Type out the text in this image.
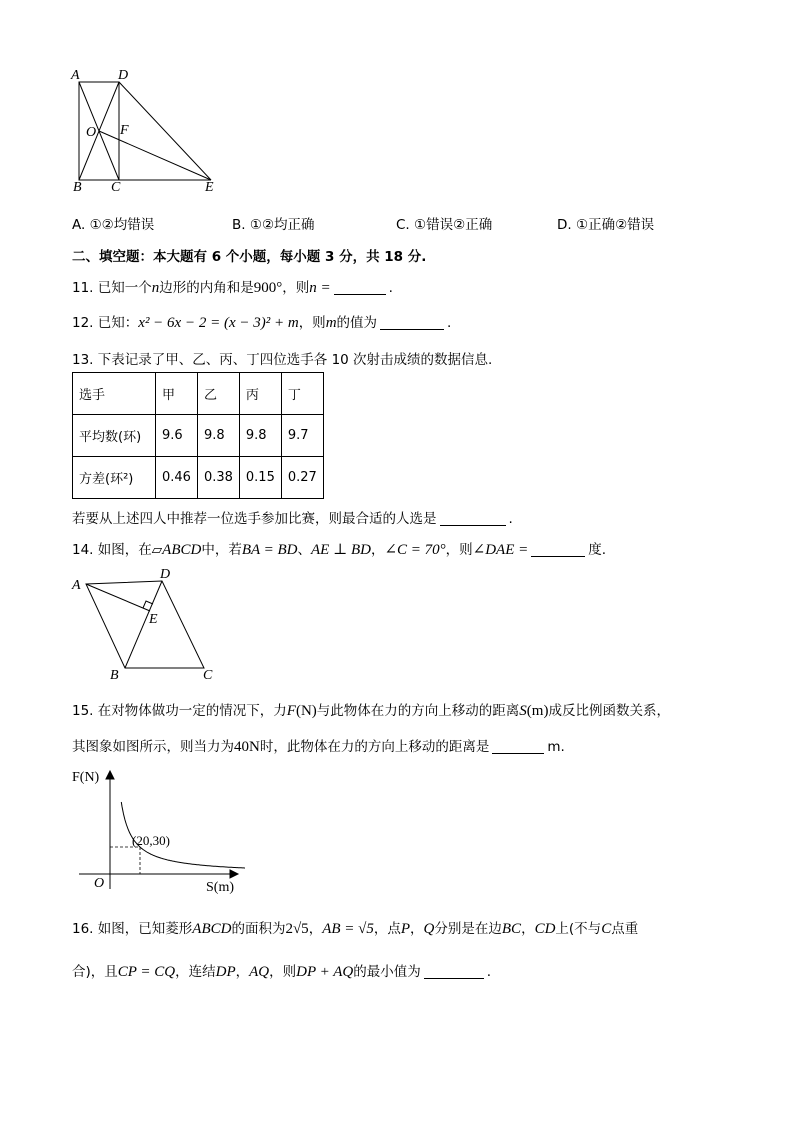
A	D
O F
B C	E
A. ①②均错误	B. ①②均正确	C. ①错误②正确	D. ①正确②错误
二、填空题：本大题有 6 个小题，每小题 3 分，共 18 分.
11. 已知一个n边形的内角和是900°，则n =	.
12. 已知：x² − 6x − 2 = (x − 3)² + m，则m的值为	.
13. 下表记录了甲、乙、丙、丁四位选手各 10 次射击成绩的数据信息.
选手	甲	乙	丙	丁
平均数(环)	9.6	9.8	9.8	9.7
方差(环²)	0.46	0.38	0.15	0.27
若要从上述四人中推荐一位选手参加比赛，则最合适的人选是	.
14. 如图，在▱ABCD中，若BA = BD、AE ⊥ BD，∠C = 70°，则∠DAE =	度.
A
D
E
B	C
15. 在对物体做功一定的情况下，力F(N)与此物体在力的方向上移动的距离S(m)成反比例函数关系，
其图象如图所示，则当力为40N时，此物体在力的方向上移动的距离是	m.
F(N)
(20,30)
O	S(m)
16. 如图，已知菱形ABCD的面积为2√5，AB = √5，点P，Q分别是在边BC，CD上(不与C点重
合)，且CP = CQ，连结DP，AQ，则DP + AQ的最小值为	.
